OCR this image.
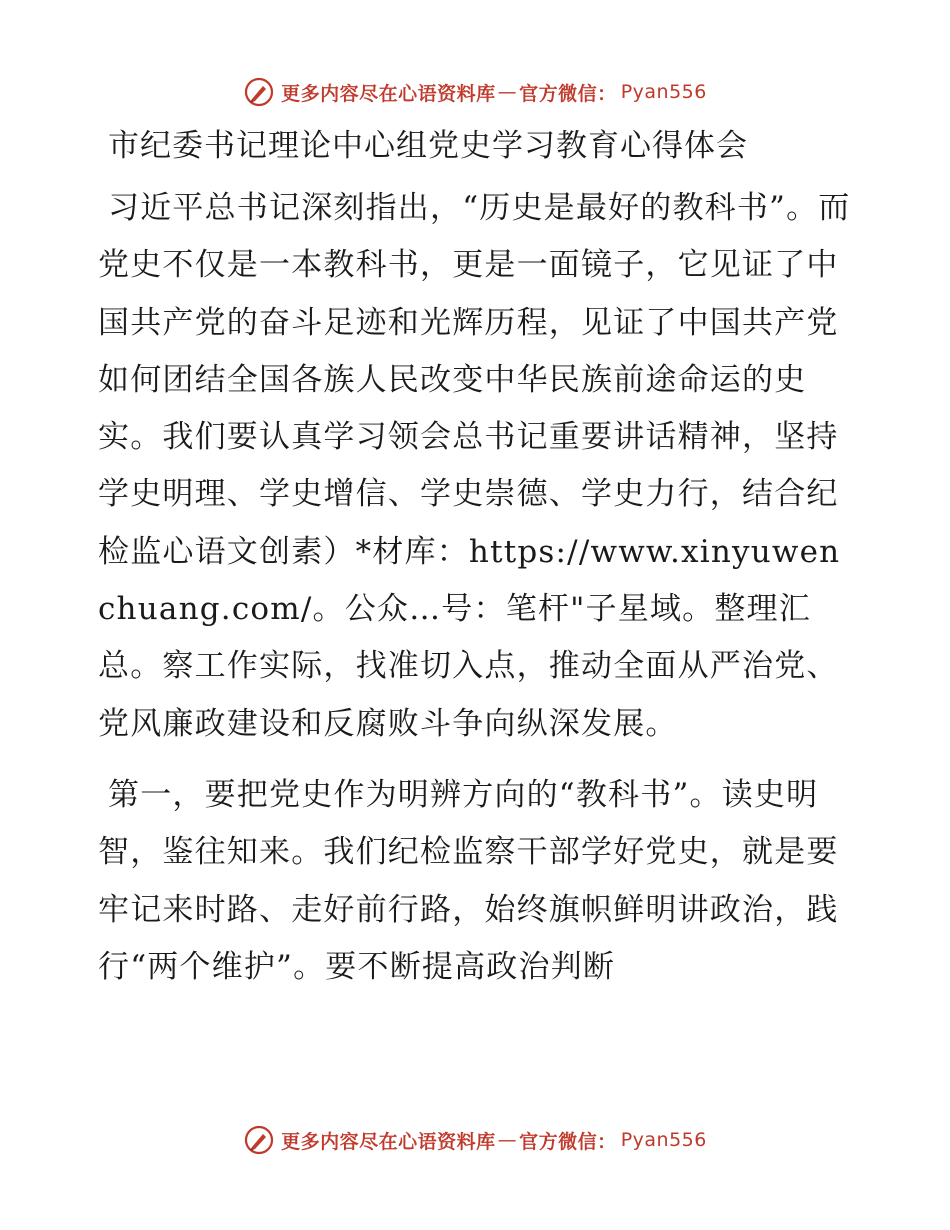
更多内容尽在心语资料库 — 官方微信： Pyan556
市纪委书记理论中心组党史学习教育心得体会

习近平总书记深刻指出，“历史是最好的教科书”。而党史不仅是一本教科书，更是一面镜子，它见证了中国共产党的奋斗足迹和光辉历程，见证了中国共产党如何团结全国各族人民改变中华民族前途命运的史实。我们要认真学习领会总书记重要讲话精神，坚持学史明理、学史增信、学史崇德、学史力行，结合纪检监心语文创素）*材库：https://www.xinyuwenchuang.com/。公众…号：笔杆"子星域。整理汇总。察工作实际，找准切入点，推动全面从严治党、党风廉政建设和反腐败斗争向纵深发展。

第一，要把党史作为明辨方向的“教科书”。读史明智，鉴往知来。我们纪检监察干部学好党史，就是要牢记来时路、走好前行路，始终旗帜鲜明讲政治，践行“两个维护”。要不断提高政治判断

更多内容尽在心语资料库 — 官方微信： Pyan556
